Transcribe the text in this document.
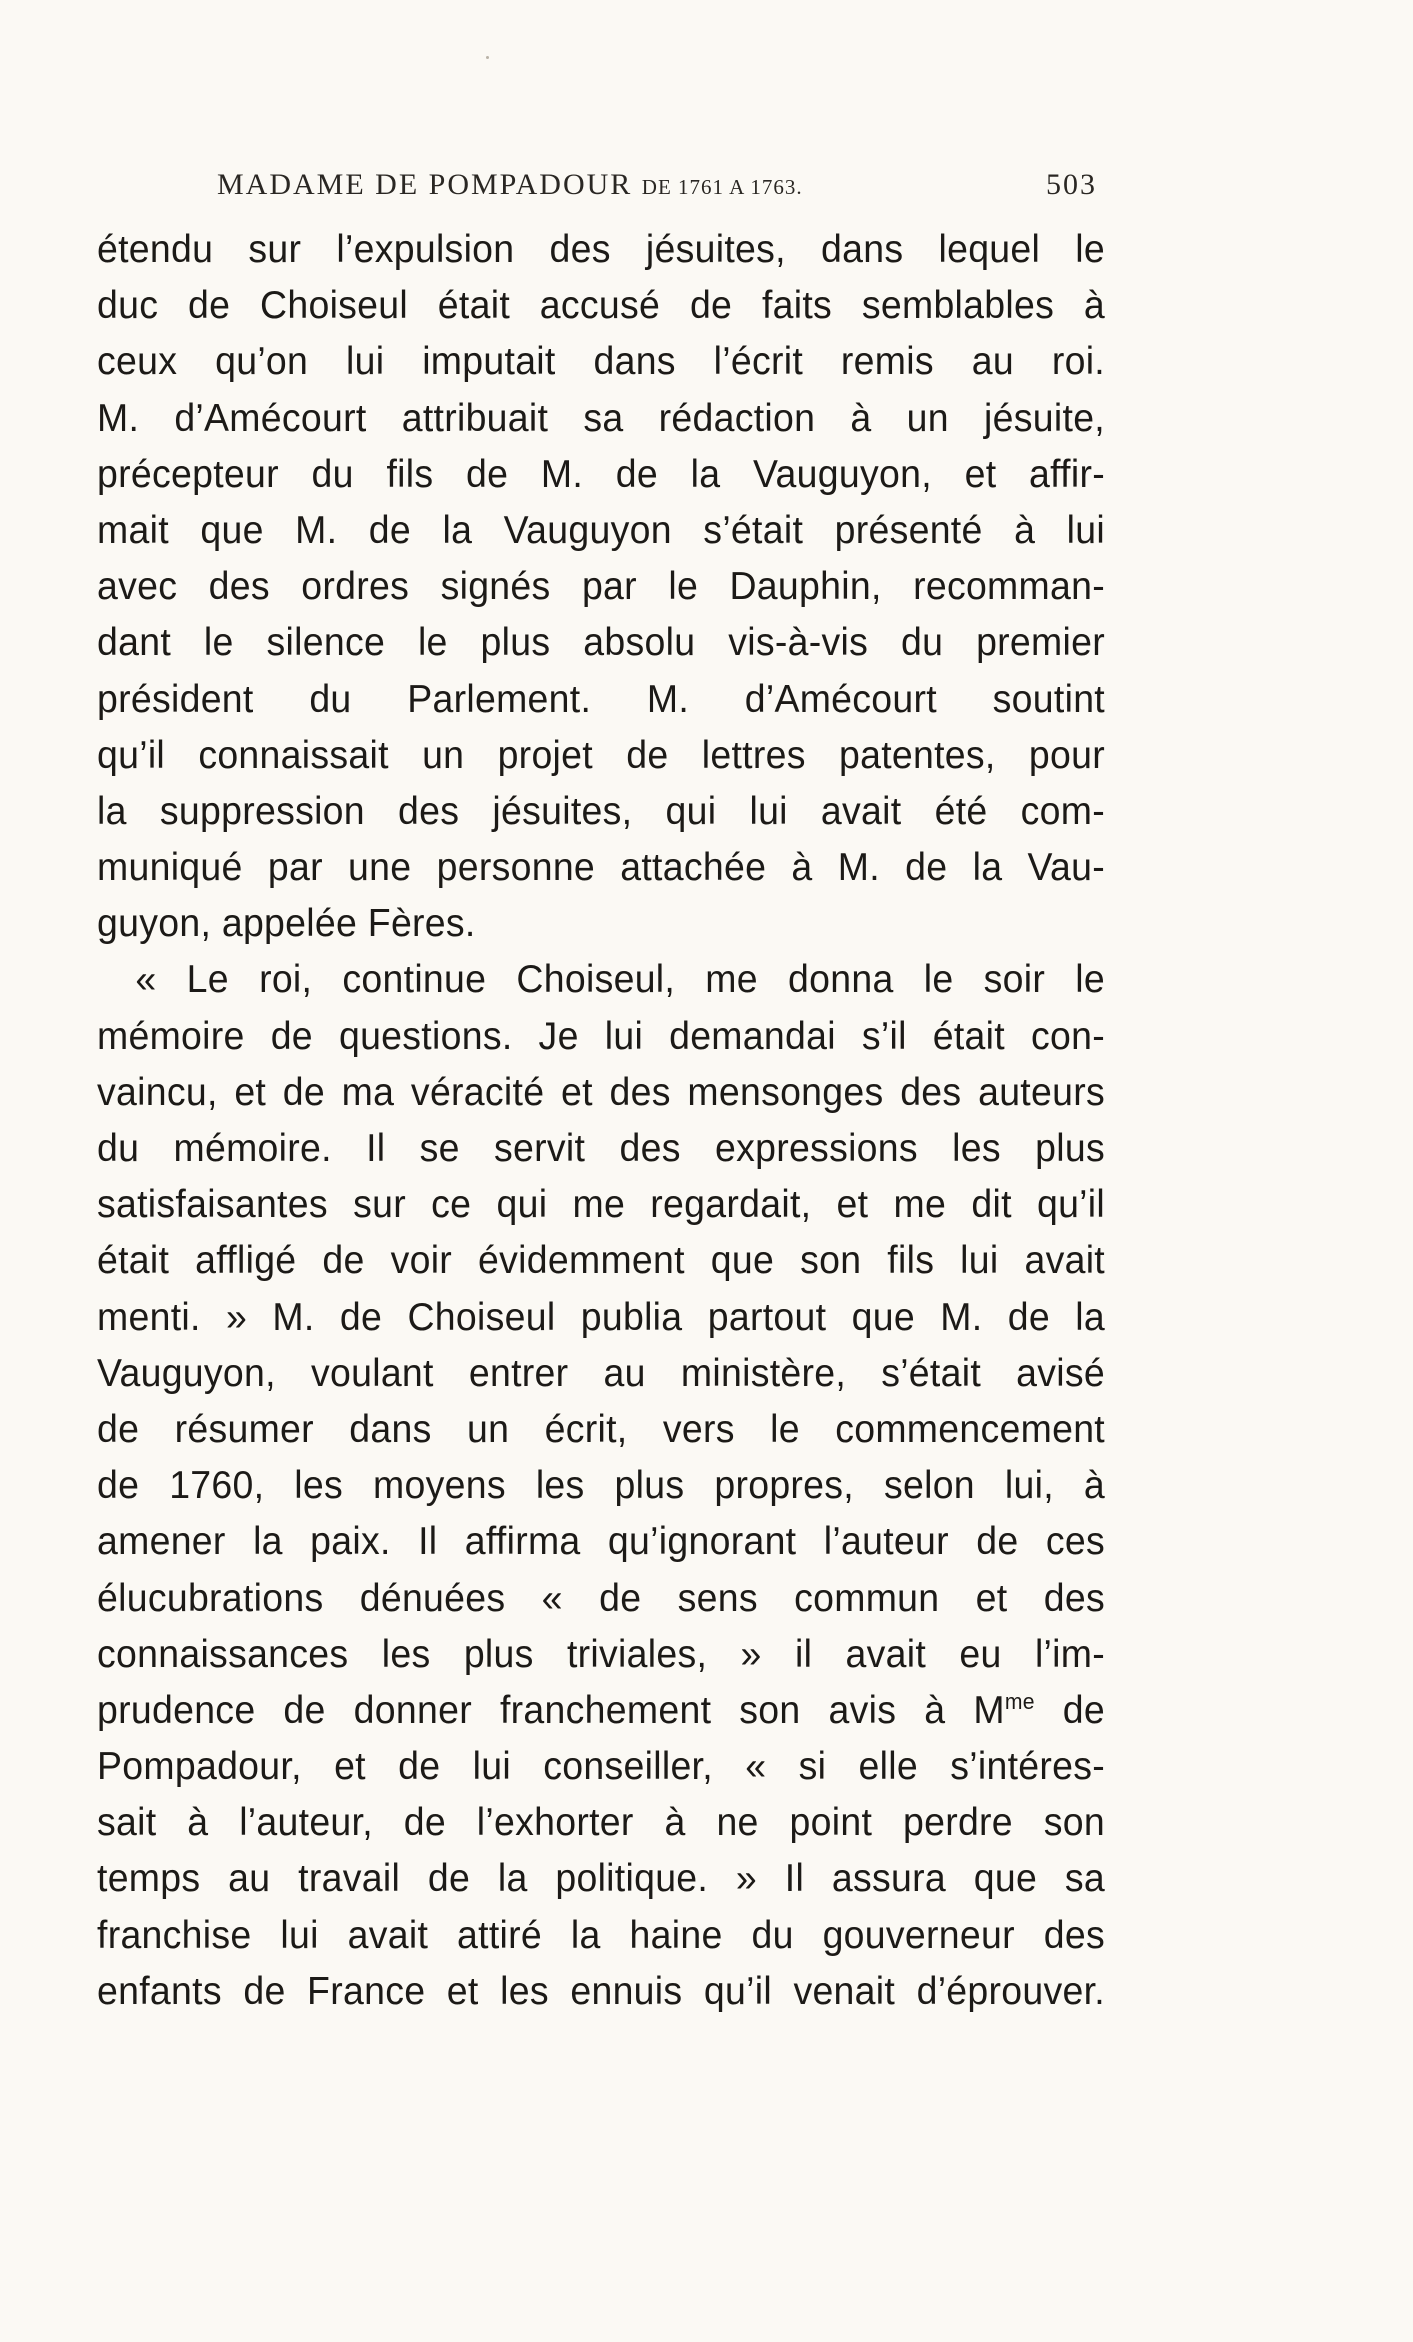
MADAME DE POMPADOUR DE 1761 A 1763.	503
étendu sur l’expulsion des jésuites, dans lequel le
duc de Choiseul était accusé de faits semblables à
ceux qu’on lui imputait dans l’écrit remis au roi.
M. d’Amécourt attribuait sa rédaction à un jésuite,
précepteur du fils de M. de la Vauguyon, et affir-
mait que M. de la Vauguyon s’était présenté à lui
avec des ordres signés par le Dauphin, recomman-
dant le silence le plus absolu vis-à-vis du premier
président du Parlement. M. d’Amécourt soutint
qu’il connaissait un projet de lettres patentes, pour
la suppression des jésuites, qui lui avait été com-
muniqué par une personne attachée à M. de la Vau-
guyon, appelée Fères.
« Le roi, continue Choiseul, me donna le soir le
mémoire de questions. Je lui demandai s’il était con-
vaincu, et de ma véracité et des mensonges des auteurs
du mémoire. Il se servit des expressions les plus
satisfaisantes sur ce qui me regardait, et me dit qu’il
était affligé de voir évidemment que son fils lui avait
menti. » M. de Choiseul publia partout que M. de la
Vauguyon, voulant entrer au ministère, s’était avisé
de résumer dans un écrit, vers le commencement
de 1760, les moyens les plus propres, selon lui, à
amener la paix. Il affirma qu’ignorant l’auteur de ces
élucubrations dénuées « de sens commun et des
connaissances les plus triviales, » il avait eu l’im-
prudence de donner franchement son avis à $M^{me}$ de
Pompadour, et de lui conseiller, « si elle s’intéres-
sait à l’auteur, de l’exhorter à ne point perdre son
temps au travail de la politique. » Il assura que sa
franchise lui avait attiré la haine du gouverneur des
enfants de France et les ennuis qu’il venait d’éprouver.
